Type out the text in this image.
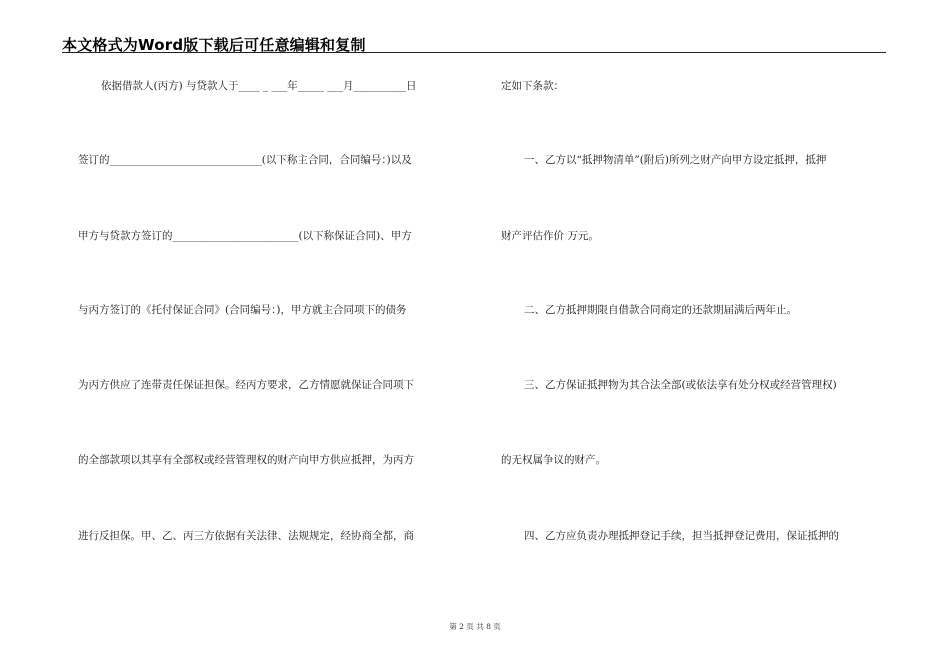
本文格式为Word版下载后可任意编辑和复制
依据借款人(丙方) 与贷款人于____ _ ___年_____ ___月__________日
签订的_____________________________(以下称主合同，合同编号：)以及
甲方与贷款方签订的________________________(以下称保证合同)、甲方
与丙方签订的《托付保证合同》(合同编号：)，甲方就主合同项下的债务
为丙方供应了连带责任保证担保。经丙方要求，乙方情愿就保证合同项下
的全部款项以其享有全部权或经营管理权的财产向甲方供应抵押，为丙方
进行反担保。甲、乙、丙三方依据有关法律、法规规定，经协商全都，商
定如下条款：
一、乙方以“抵押物清单”(附后)所列之财产向甲方设定抵押，抵押
财产评估作价 万元。
二、乙方抵押期限自借款合同商定的还款期届满后两年止。
三、乙方保证抵押物为其合法全部(或依法享有处分权或经营管理权)
的无权属争议的财产。
四、乙方应负责办理抵押登记手续，担当抵押登记费用，保证抵押的
第 2 页 共 8 页
